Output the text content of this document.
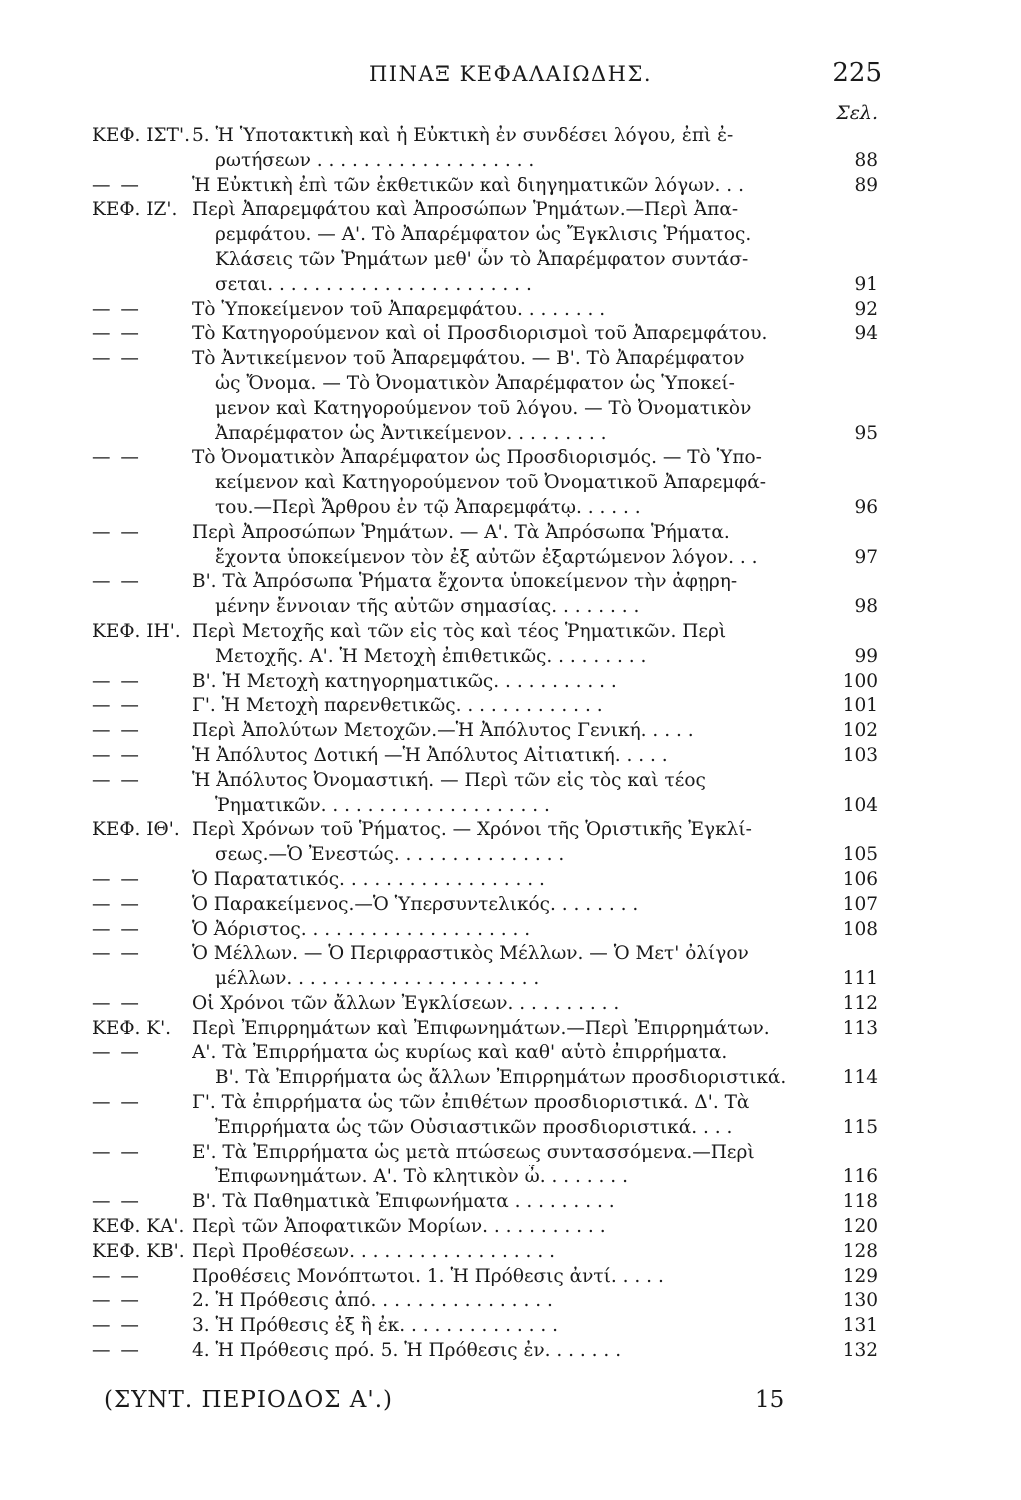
ΠΙΝΑΞ ΚΕΦΑΛΑΙΩΔΗΣ.	225
Σελ.
ΚΕΦ. ΙΣΤ'. 5. Ἡ Ὑποτακτικὴ καὶ ἡ Εὐκτικὴ ἐν συνδέσει λόγου, ἐπὶ ἐ-
ρωτήσεων . . . . . . . . . . . . . . . . . . .	88
— —	Ἡ Εὐκτικὴ ἐπὶ τῶν ἐκθετικῶν καὶ διηγηματικῶν λόγων. . .	89
ΚΕΦ. ΙΖ'. Περὶ Ἀπαρεμφάτου καὶ Ἀπροσώπων Ῥημάτων.—Περὶ Ἀπα-
ρεμφάτου. — Α'. Τὸ Ἀπαρέμφατον ὡς Ἔγκλισις Ῥήματος.
Κλάσεις τῶν Ῥημάτων μεθ' ὧν τὸ Ἀπαρέμφατον συντάσ-
σεται. . . . . . . . . . . . . . . . . . . . . . .	91
— —	Τὸ Ὑποκείμενον τοῦ Ἀπαρεμφάτου. . . . . . . .	92
— —	Τὸ Κατηγορούμενον καὶ οἱ Προσδιορισμοὶ τοῦ Ἀπαρεμφάτου.	94
— —	Τὸ Ἀντικείμενον τοῦ Ἀπαρεμφάτου. — Β'. Τὸ Ἀπαρέμφατον
ὡς Ὄνομα. — Τὸ Ὀνοματικὸν Ἀπαρέμφατον ὡς Ὑποκεί-
μενον καὶ Κατηγορούμενον τοῦ λόγου. — Τὸ Ὀνοματικὸν
Ἀπαρέμφατον ὡς Ἀντικείμενον. . . . . . . . .	95
— —	Τὸ Ὀνοματικὸν Ἀπαρέμφατον ὡς Προσδιορισμός. — Τὸ Ὑπο-
κείμενον καὶ Κατηγορούμενον τοῦ Ὀνοματικοῦ Ἀπαρεμφά-
του.—Περὶ Ἄρθρου ἐν τῷ Ἀπαρεμφάτῳ. . . . . .	96
— —	Περὶ Ἀπροσώπων Ῥημάτων. — Α'. Τὰ Ἀπρόσωπα Ῥήματα.
ἔχοντα ὑποκείμενον τὸν ἐξ αὐτῶν ἐξαρτώμενον λόγον. . .	97
— —	Β'. Τὰ Ἀπρόσωπα Ῥήματα ἔχοντα ὑποκείμενον τὴν ἀφῃρη-
μένην ἔννοιαν τῆς αὐτῶν σημασίας. . . . . . . .	98
ΚΕΦ. ΙΗ'. Περὶ Μετοχῆς καὶ τῶν εἰς τὸς καὶ τέος Ῥηματικῶν. Περὶ
Μετοχῆς. Α'. Ἡ Μετοχὴ ἐπιθετικῶς. . . . . . . . .	99
— —	Β'. Ἡ Μετοχὴ κατηγορηματικῶς. . . . . . . . . . .	100
— —	Γ'. Ἡ Μετοχὴ παρενθετικῶς. . . . . . . . . . . . .	101
— —	Περὶ Ἀπολύτων Μετοχῶν.—Ἡ Ἀπόλυτος Γενική. . . . .	102
— —	Ἡ Ἀπόλυτος Δοτική —Ἡ Ἀπόλυτος Αἰτιατική. . . . .	103
— —	Ἡ Ἀπόλυτος Ὀνομαστική. — Περὶ τῶν εἰς τὸς καὶ τέος
Ῥηματικῶν. . . . . . . . . . . . . . . . . . . .	104
ΚΕΦ. ΙΘ'. Περὶ Χρόνων τοῦ Ῥήματος. — Χρόνοι τῆς Ὁριστικῆς Ἐγκλί-
σεως.—Ὁ Ἐνεστώς. . . . . . . . . . . . . . .	105
— —	Ὁ Παρατατικός. . . . . . . . . . . . . . . . . .	106
— —	Ὁ Παρακείμενος.—Ὁ Ὑπερσυντελικός. . . . . . . .	107
— —	Ὁ Ἀόριστος. . . . . . . . . . . . . . . . . . . .	108
— —	Ὁ Μέλλων. — Ὁ Περιφραστικὸς Μέλλων. — Ὁ Μετ' ὀλίγον
μέλλων. . . . . . . . . . . . . . . . . . . . . .	111
— —	Οἱ Χρόνοι τῶν ἄλλων Ἐγκλίσεων. . . . . . . . . .	112
ΚΕΦ. Κ'.	Περὶ Ἐπιρρημάτων καὶ Ἐπιφωνημάτων.—Περὶ Ἐπιρρημάτων.	113
— —	Α'. Τὰ Ἐπιρρήματα ὡς κυρίως καὶ καθ' αὑτὸ ἐπιρρήματα.
Β'. Τὰ Ἐπιρρήματα ὡς ἄλλων Ἐπιρρημάτων προσδιοριστικά.	114
— —	Γ'. Τὰ ἐπιρρήματα ὡς τῶν ἐπιθέτων προσδιοριστικά. Δ'. Τὰ
Ἐπιρρήματα ὡς τῶν Οὐσιαστικῶν προσδιοριστικά. . . .	115
— —	Ε'. Τὰ Ἐπιρρήματα ὡς μετὰ πτώσεως συντασσόμενα.—Περὶ
Ἐπιφωνημάτων. Α'. Τὸ κλητικὸν ὦ. . . . . . . .	116
— —	Β'. Τὰ Παθηματικὰ Ἐπιφωνήματα . . . . . . . . .	118
ΚΕΦ. ΚΑ'. Περὶ τῶν Ἀποφατικῶν Μορίων. . . . . . . . . . .	120
ΚΕΦ. ΚΒ'. Περὶ Προθέσεων. . . . . . . . . . . . . . . . . .	128
— —	Προθέσεις Μονόπτωτοι. 1. Ἡ Πρόθεσις ἀντί. . . . .	129
— —	2. Ἡ Πρόθεσις ἀπό. . . . . . . . . . . . . . . .	130
— —	3. Ἡ Πρόθεσις ἐξ ἢ ἐκ. . . . . . . . . . . . . .	131
— —	4. Ἡ Πρόθεσις πρό. 5. Ἡ Πρόθεσις ἐν. . . . . . .	132
(ΣΥΝΤ. ΠΕΡΙΟΔΟΣ Α'.)	15
